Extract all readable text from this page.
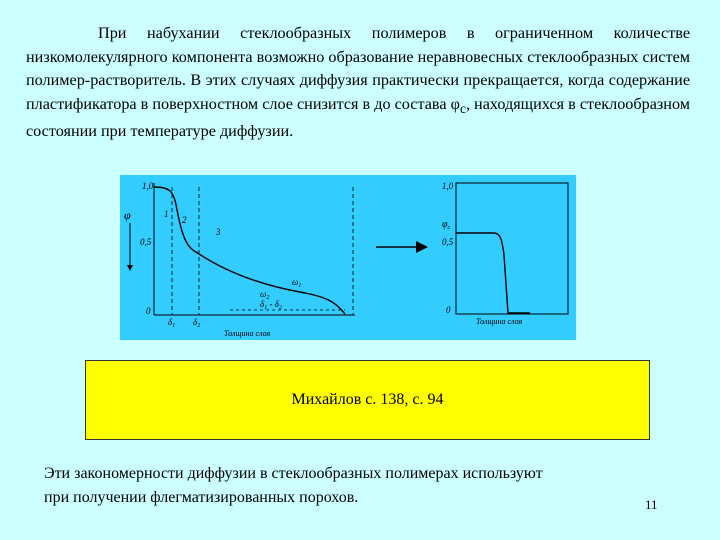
При набухании стеклообразных полимеров в ограниченном количестве низкомолекулярного компонента возможно образование неравновесных стеклообразных систем полимер-растворитель. В этих случаях диффузия практически прекращается, когда содержание пластификатора в поверхностном слое снизится в до состава $\varphi_с$, находящихся в стеклообразном состоянии при температуре диффузии.

1,0
0,5
0
φ	1
2
3
$\omega_1$
$\omega_2$
$\delta_1$ $\delta_2$
$\delta_1 - \delta_2$
Толщина слоя
1,0
$\varphi_с$
0,5
0
Толщина слоя
Михайлов с. 138, с. 94

Эти закономерности диффузии в стеклообразных полимерах используют
при получении флегматизированных порохов.	11
